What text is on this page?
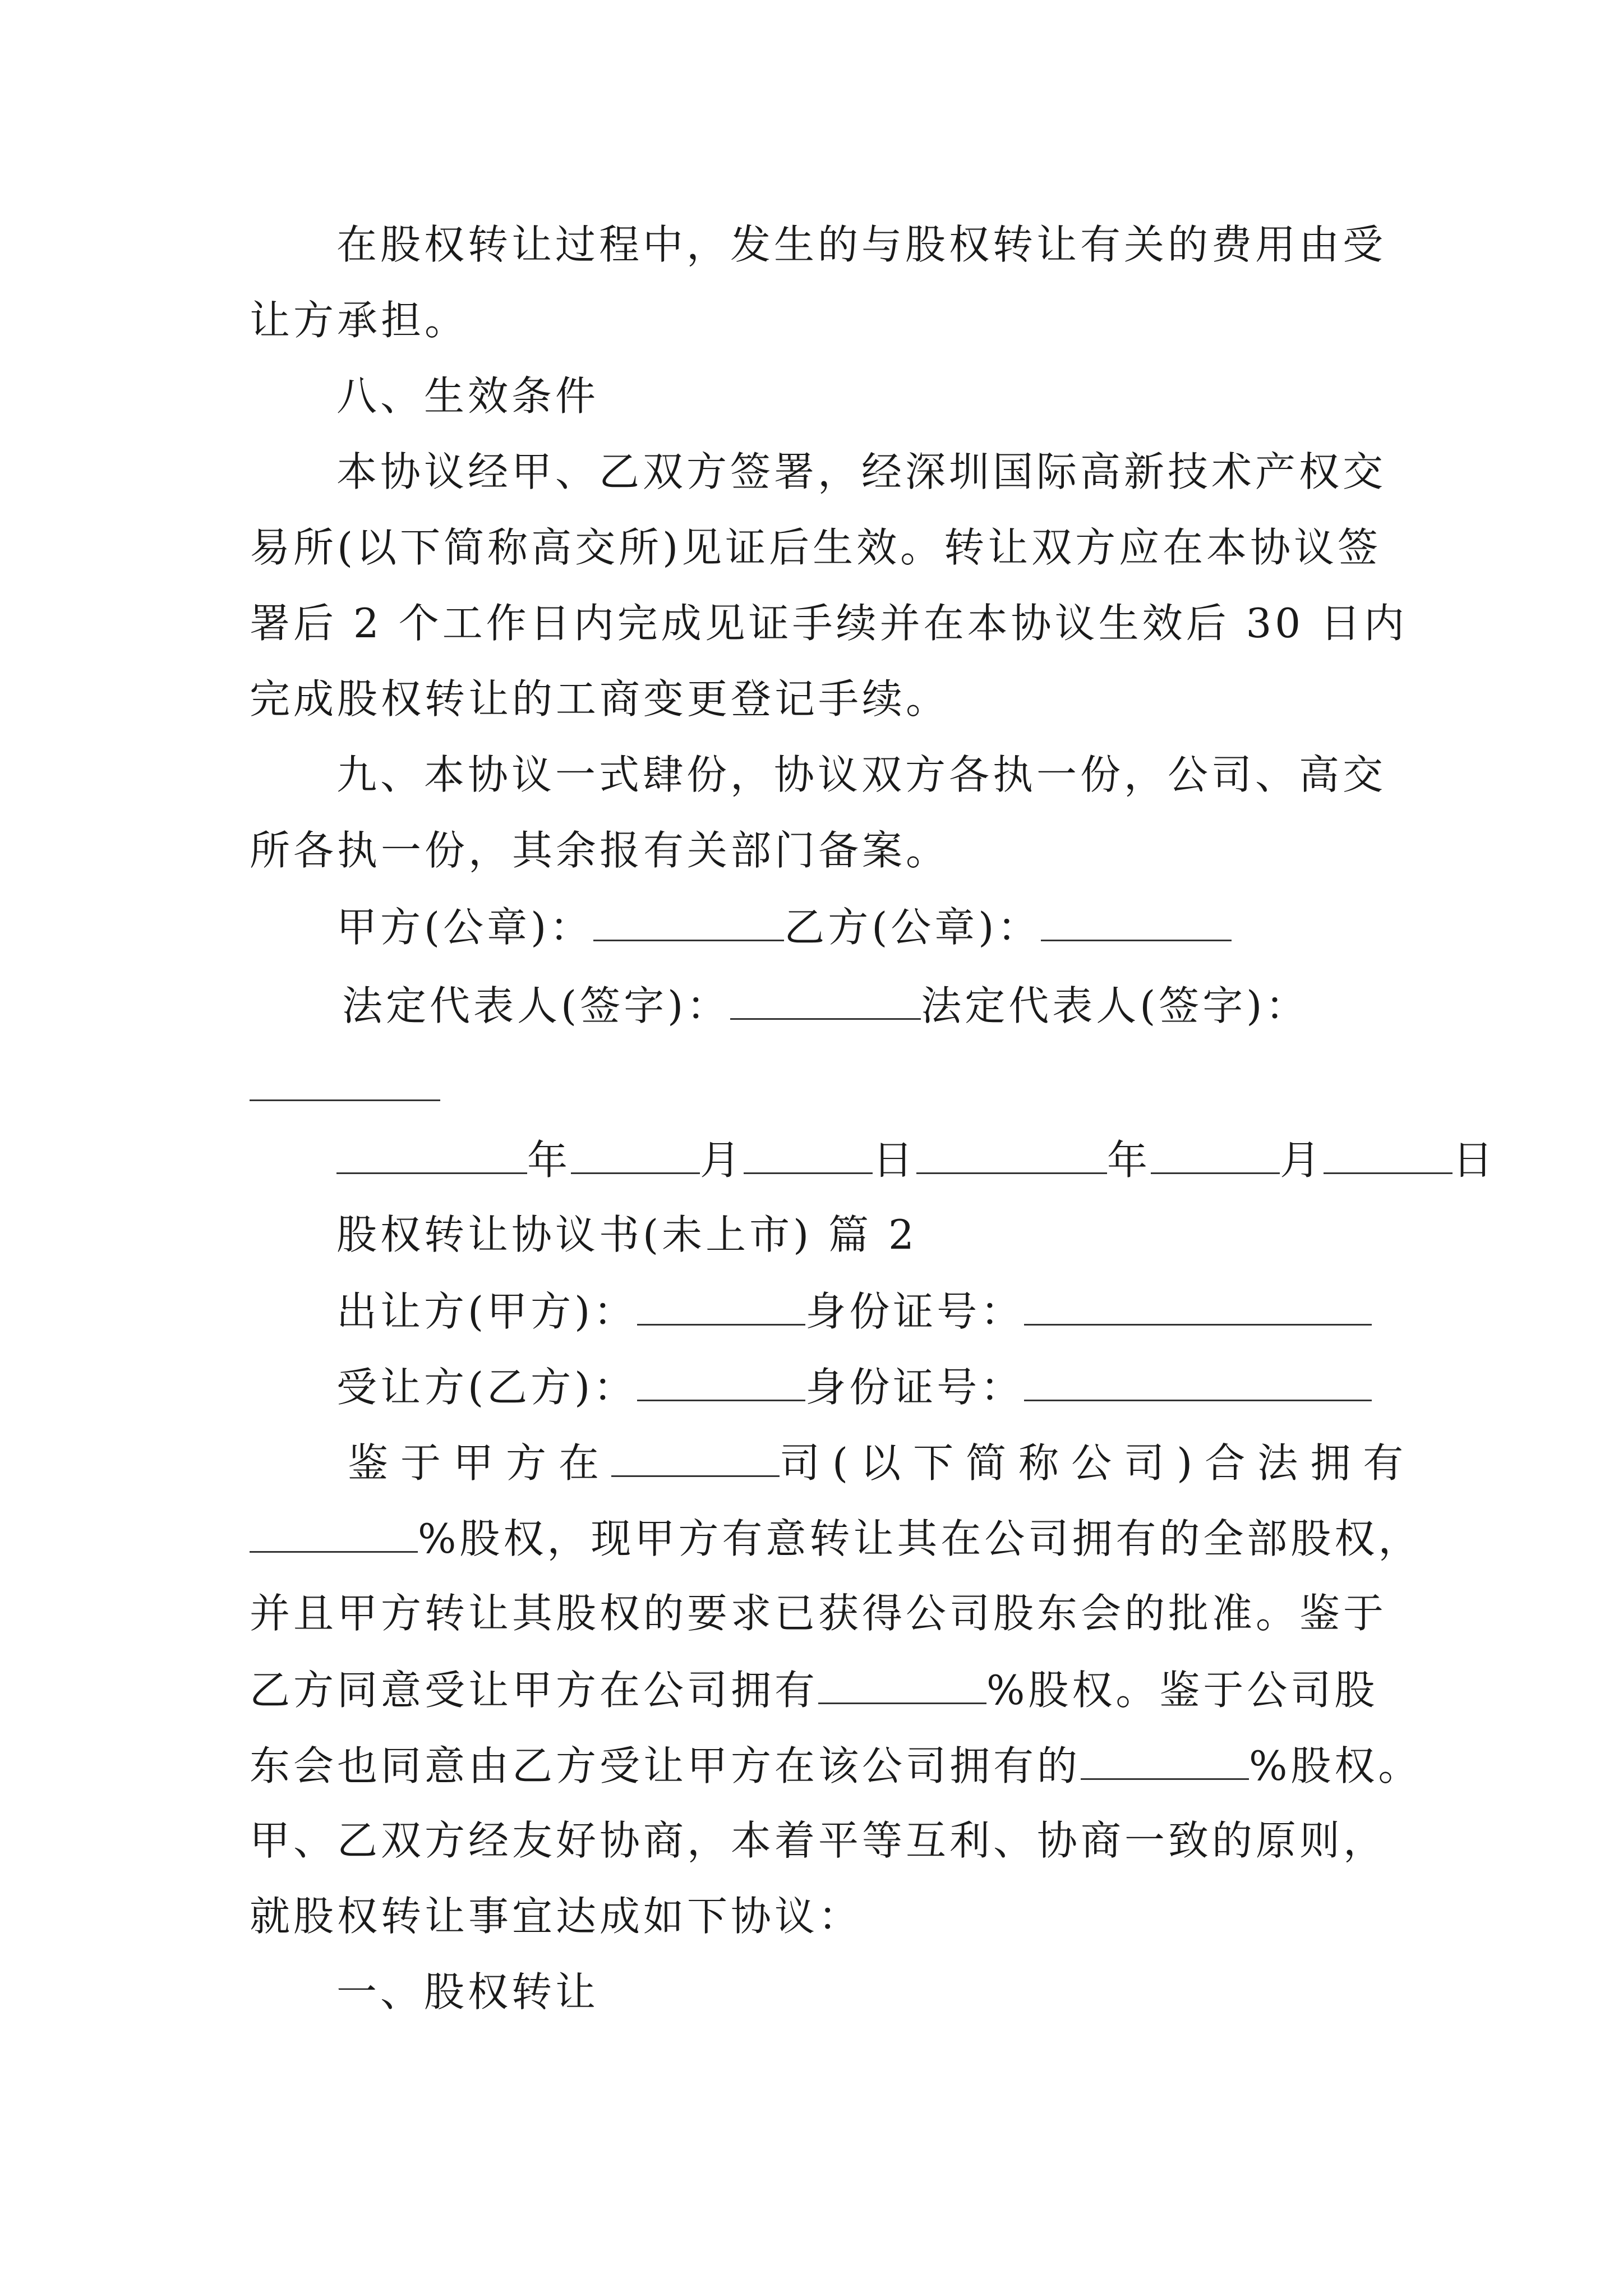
在股权转让过程中，发生的与股权转让有关的费用由受
让方承担。
八、生效条件
本协议经甲、乙双方签署，经深圳国际高新技术产权交
易所(以下简称高交所)见证后生效。转让双方应在本协议签
署后 2 个工作日内完成见证手续并在本协议生效后 30 日内
完成股权转让的工商变更登记手续。
九、本协议一式肆份，协议双方各执一份，公司、高交
所各执一份，其余报有关部门备案。
甲方(公章)：	乙方(公章)：
法定代表人(签字)：	法定代表人(签字)：
年	月	日	年	月	日
股权转让协议书(未上市) 篇 2
出让方(甲方)：	身份证号：
受让方(乙方)：	身份证号：
鉴于甲方在	司(以下简称公司)合法拥有
%股权，现甲方有意转让其在公司拥有的全部股权，
并且甲方转让其股权的要求已获得公司股东会的批准。鉴于
乙方同意受让甲方在公司拥有	%股权。鉴于公司股
东会也同意由乙方受让甲方在该公司拥有的	%股权。
甲、乙双方经友好协商，本着平等互利、协商一致的原则，
就股权转让事宜达成如下协议：
一、股权转让
